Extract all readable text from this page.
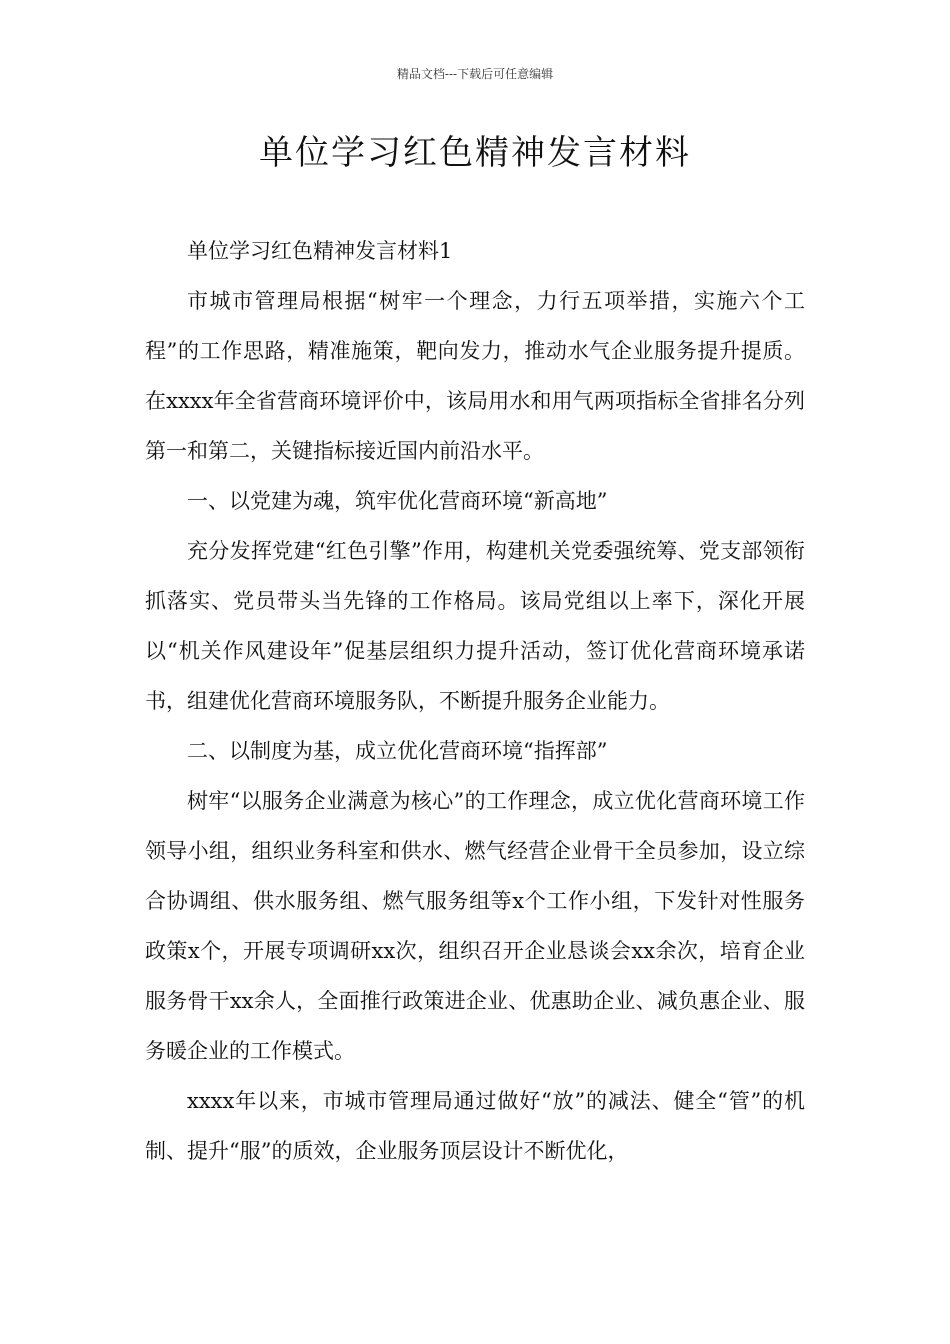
精品文档---下载后可任意编辑
单位学习红色精神发言材料

单位学习红色精神发言材料1

市城市管理局根据“树牢一个理念，力行五项举措，实施六个工程”的工作思路，精准施策，靶向发力，推动水气企业服务提升提质。在xxxx年全省营商环境评价中，该局用水和用气两项指标全省排名分列第一和第二，关键指标接近国内前沿水平。

一、以党建为魂，筑牢优化营商环境“新高地”

充分发挥党建“红色引擎”作用，构建机关党委强统筹、党支部领衔抓落实、党员带头当先锋的工作格局。该局党组以上率下，深化开展以“机关作风建设年”促基层组织力提升活动，签订优化营商环境承诺书，组建优化营商环境服务队，不断提升服务企业能力。

二、以制度为基，成立优化营商环境“指挥部”

树牢“以服务企业满意为核心”的工作理念，成立优化营商环境工作领导小组，组织业务科室和供水、燃气经营企业骨干全员参加，设立综合协调组、供水服务组、燃气服务组等x个工作小组，下发针对性服务政策x个，开展专项调研xx次，组织召开企业恳谈会xx余次，培育企业服务骨干xx余人，全面推行政策进企业、优惠助企业、减负惠企业、服务暖企业的工作模式。

xxxx年以来，市城市管理局通过做好“放”的减法、健全“管”的机制、提升“服”的质效，企业服务顶层设计不断优化，
